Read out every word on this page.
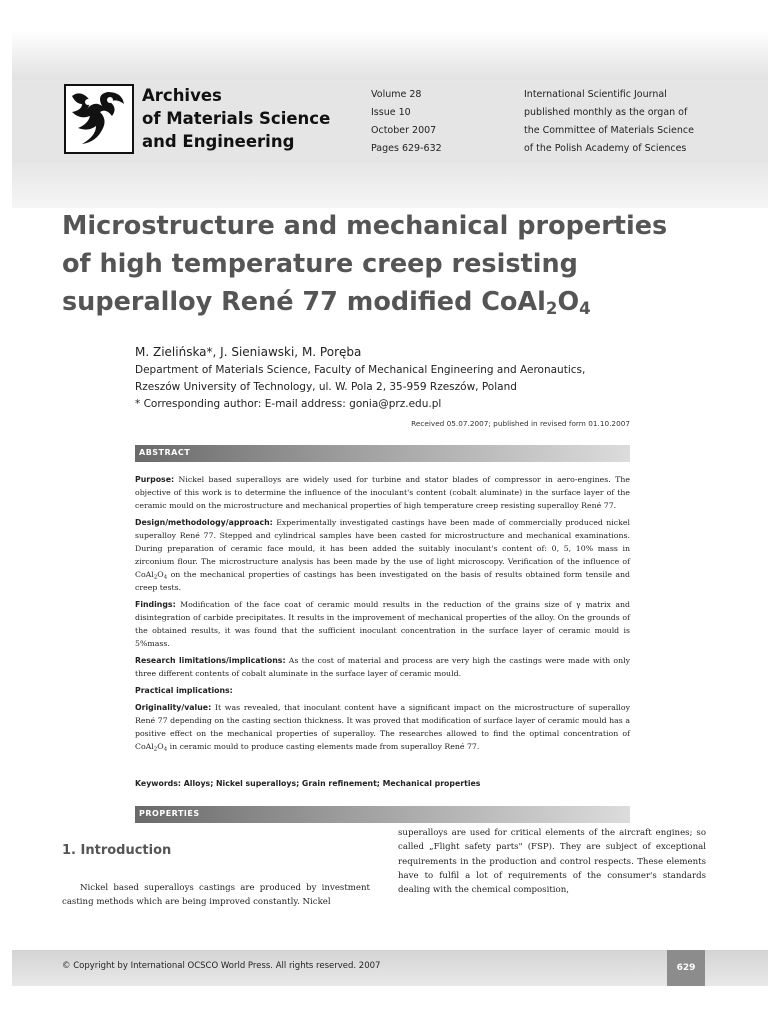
Archives
of Materials Science
and Engineering
Volume 28
Issue 10
October 2007
Pages 629-632
International Scientific Journal
published monthly as the organ of
the Committee of Materials Science
of the Polish Academy of Sciences
Microstructure and mechanical properties
of high temperature creep resisting
superalloy René 77 modified $CoAl_2O_4$
M. Zielińska*, J. Sieniawski, M. Poręba
Department of Materials Science, Faculty of Mechanical Engineering and Aeronautics,
Rzeszów University of Technology, ul. W. Pola 2, 35-959 Rzeszów, Poland
* Corresponding author: E-mail address: gonia@prz.edu.pl
Received 05.07.2007; published in revised form 01.10.2007
ABSTRACT

Purpose: Nickel based superalloys are widely used for turbine and stator blades of compressor in aero-engines. The objective of this work is to determine the influence of the inoculant's content (cobalt aluminate) in the surface layer of the ceramic mould on the microstructure and mechanical properties of high temperature creep resisting superalloy René 77.

Design/methodology/approach: Experimentally investigated castings have been made of commercially produced nickel superalloy René 77. Stepped and cylindrical samples have been casted for microstructure and mechanical examinations. During preparation of ceramic face mould, it has been added the suitably inoculant's content of: 0, 5, 10% mass in zirconium flour. The microstructure analysis has been made by the use of light microscopy. Verification of the influence of $CoAl_2O_4$ on the mechanical properties of castings has been investigated on the basis of results obtained form tensile and creep tests.

Findings: Modification of the face coat of ceramic mould results in the reduction of the grains size of γ matrix and disintegration of carbide precipitates. It results in the improvement of mechanical properties of the alloy. On the grounds of the obtained results, it was found that the sufficient inoculant concentration in the surface layer of ceramic mould is 5%mass.

Research limitations/implications: As the cost of material and process are very high the castings were made with only three different contents of cobalt aluminate in the surface layer of ceramic mould.

Practical implications:

Originality/value: It was revealed, that inoculant content have a significant impact on the microstructure of superalloy René 77 depending on the casting section thickness. It was proved that modification of surface layer of ceramic mould has a positive effect on the mechanical properties of superalloy. The researches allowed to find the optimal concentration of $CoAl_2O_4$ in ceramic mould to produce casting elements made from superalloy René 77.

Keywords: Alloys; Nickel superalloys; Grain refinement; Mechanical properties
PROPERTIES
1. Introduction

Nickel based superalloys castings are produced by investment casting methods which are being improved constantly. Nickel

superalloys are used for critical elements of the aircraft engines; so called „Flight safety parts" (FSP). They are subject of exceptional requirements in the production and control respects. These elements have to fulfil a lot of requirements of the consumer's standards dealing with the chemical composition,

© Copyright by International OCSCO World Press. All rights reserved. 2007	629
